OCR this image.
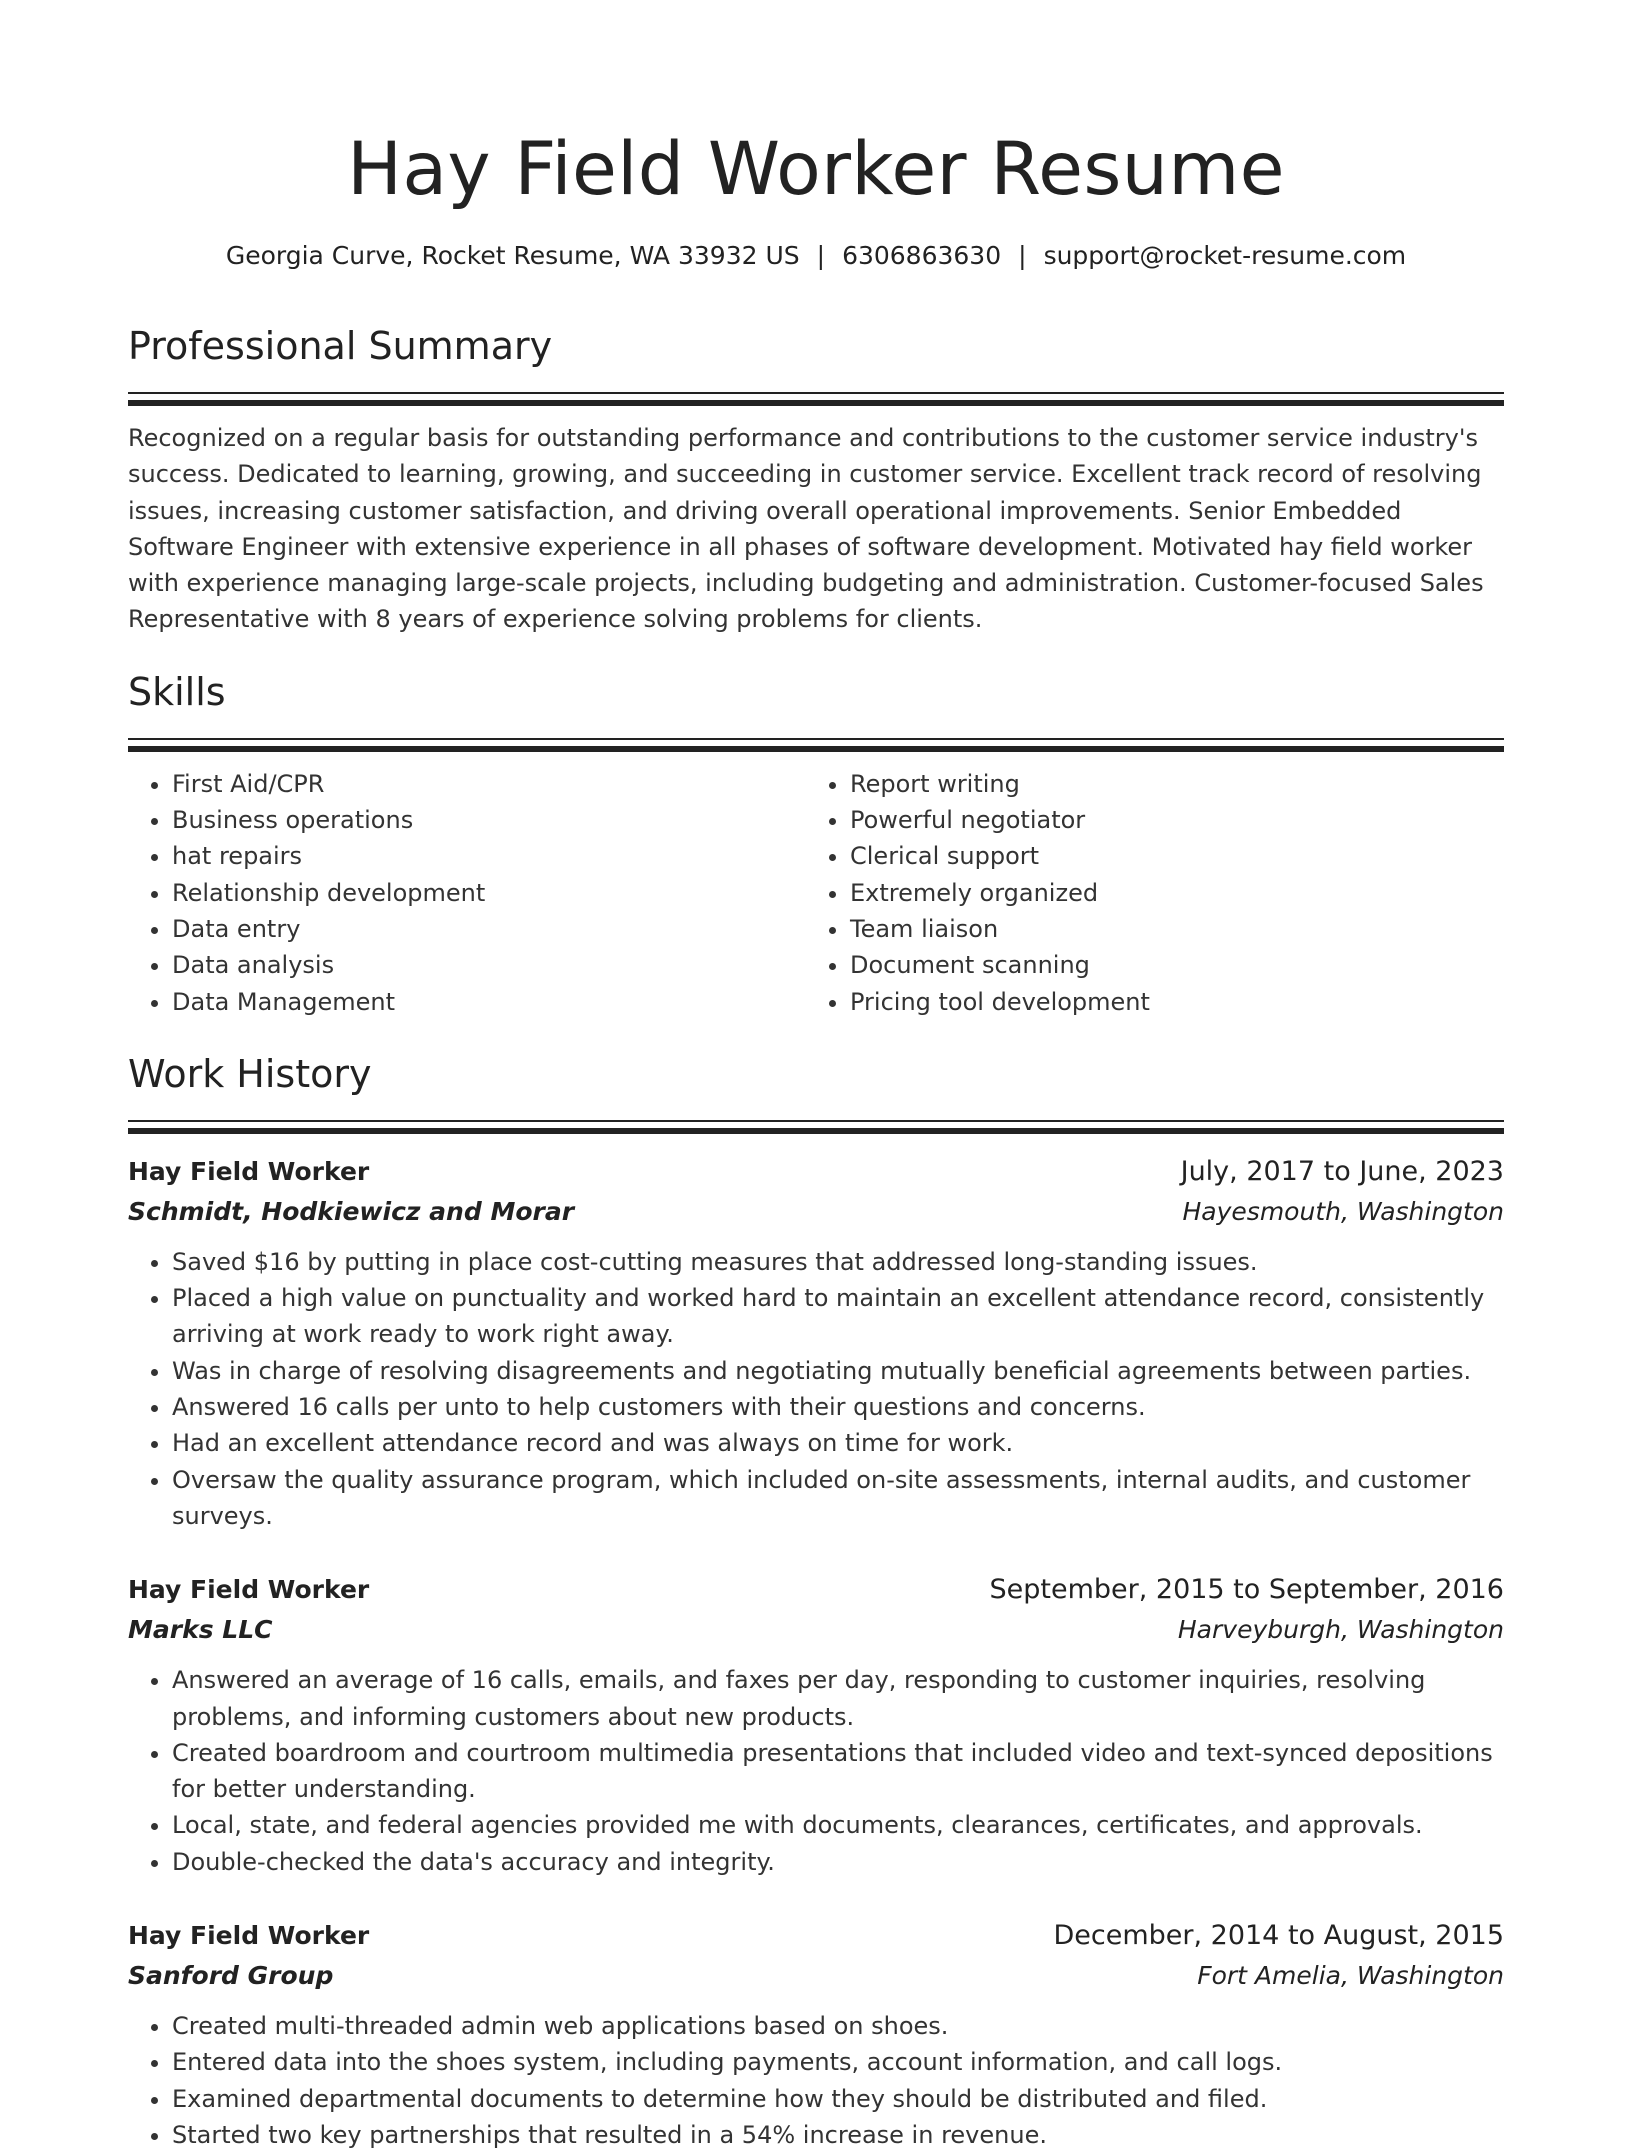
Hay Field Worker Resume
Georgia Curve, Rocket Resume, WA 33932 US | 6306863630 | support@rocket-resume.com
Professional Summary

Recognized on a regular basis for outstanding performance and contributions to the customer service industry's success. Dedicated to learning, growing, and succeeding in customer service. Excellent track record of resolving issues, increasing customer satisfaction, and driving overall operational improvements. Senior Embedded Software Engineer with extensive experience in all phases of software development. Motivated hay field worker with experience managing large-scale projects, including budgeting and administration. Customer-focused Sales Representative with 8 years of experience solving problems for clients.

Skills
• First Aid/CPR
• Business operations
• hat repairs
• Relationship development
• Data entry
• Data analysis
• Data Management
• Report writing
• Powerful negotiator
• Clerical support
• Extremely organized
• Team liaison
• Document scanning
• Pricing tool development
Work History
Hay Field Worker	July, 2017 to June, 2023
Schmidt, Hodkiewicz and Morar	Hayesmouth, Washington
• Saved $16 by putting in place cost-cutting measures that addressed long-standing issues.
• Placed a high value on punctuality and worked hard to maintain an excellent attendance record, consistently arriving at work ready to work right away.
• Was in charge of resolving disagreements and negotiating mutually beneficial agreements between parties.
• Answered 16 calls per unto to help customers with their questions and concerns.
• Had an excellent attendance record and was always on time for work.
• Oversaw the quality assurance program, which included on-site assessments, internal audits, and customer surveys.
Hay Field Worker	September, 2015 to September, 2016
Marks LLC	Harveyburgh, Washington
• Answered an average of 16 calls, emails, and faxes per day, responding to customer inquiries, resolving problems, and informing customers about new products.
• Created boardroom and courtroom multimedia presentations that included video and text-synced depositions for better understanding.
• Local, state, and federal agencies provided me with documents, clearances, certificates, and approvals.
• Double-checked the data's accuracy and integrity.
Hay Field Worker	December, 2014 to August, 2015
Sanford Group	Fort Amelia, Washington
• Created multi-threaded admin web applications based on shoes.
• Entered data into the shoes system, including payments, account information, and call logs.
• Examined departmental documents to determine how they should be distributed and filed.
• Started two key partnerships that resulted in a 54% increase in revenue.
